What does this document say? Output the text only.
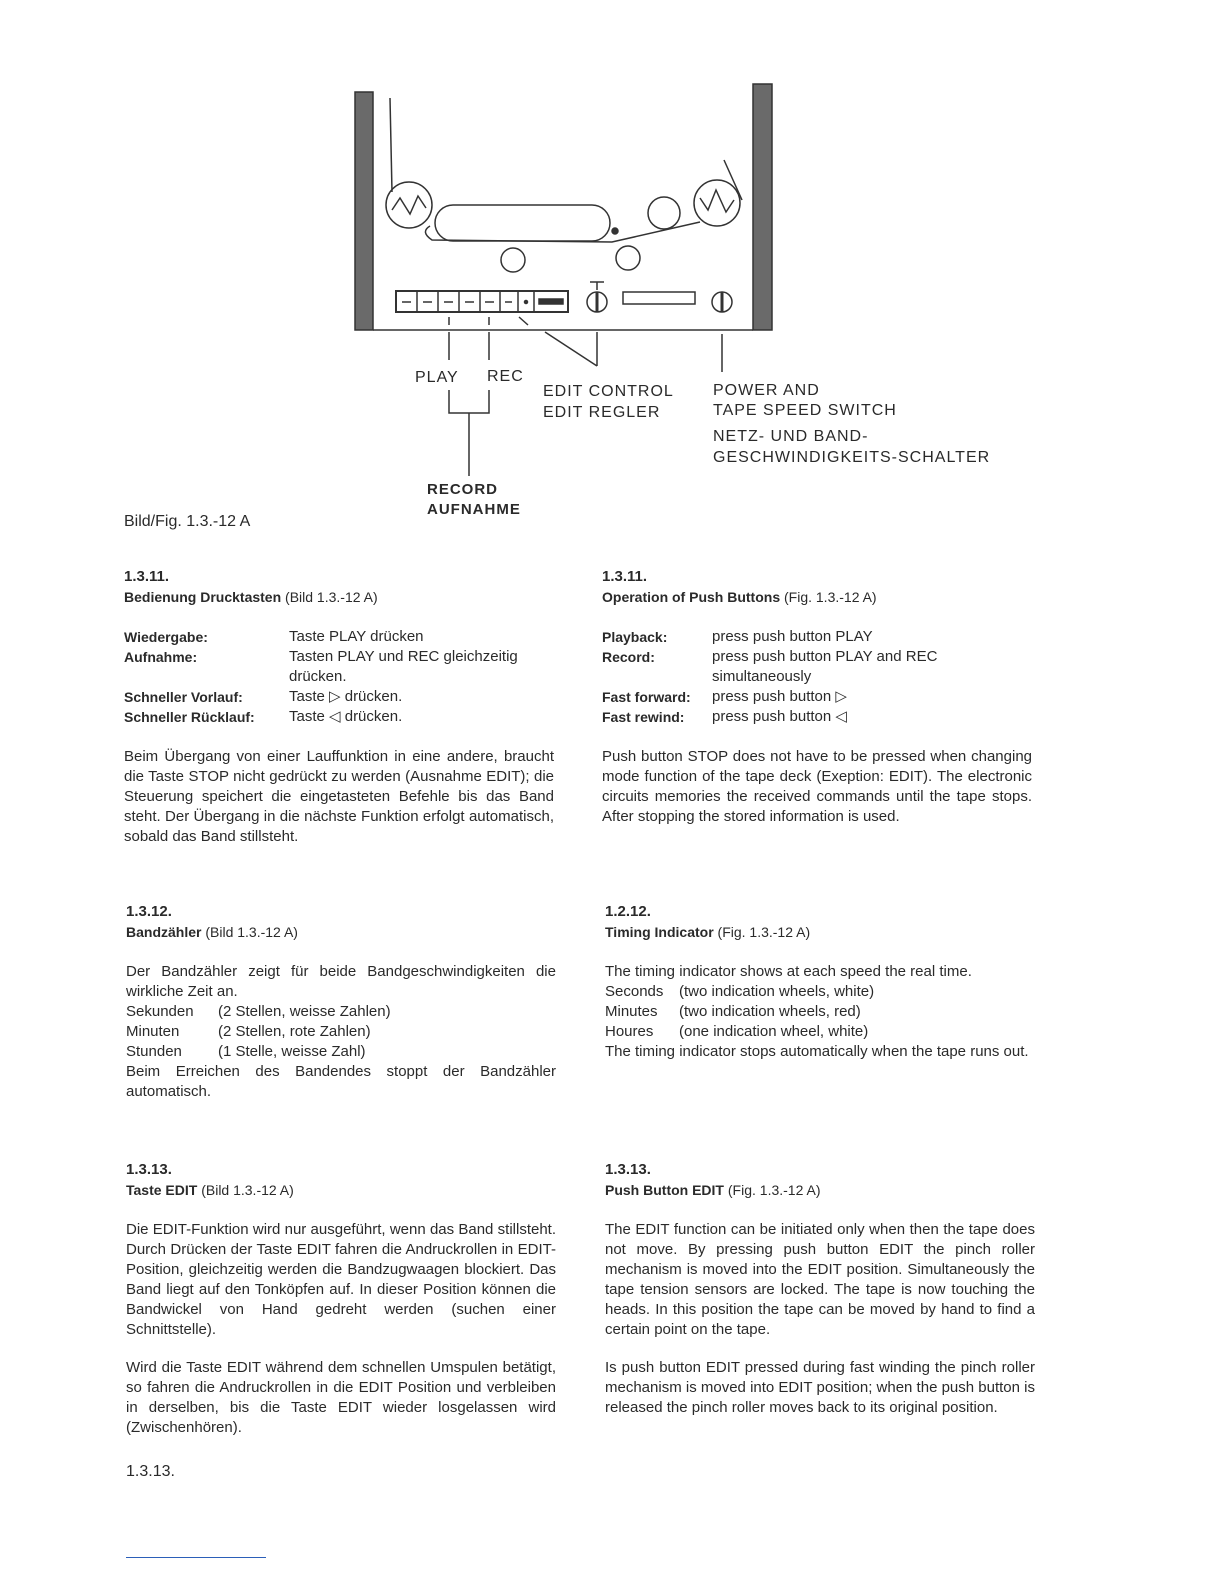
PLAY REC
EDIT CONTROL
EDIT REGLER
POWER AND
TAPE SPEED SWITCH
NETZ- UND BAND-
GESCHWINDIGKEITS-SCHALTER
RECORD
AUFNAHME
Bild/Fig. 1.3.-12 A

1.3.11.

Bedienung Drucktasten (Bild 1.3.-12 A)

Wiedergabe:	Taste PLAY drücken
Aufnahme:	Tasten PLAY und REC gleichzeitig drücken.
Schneller Vorlauf:	Taste ▷ drücken.
Schneller Rücklauf:	Taste ◁ drücken.

Beim Übergang von einer Lauffunktion in eine andere, braucht die Taste STOP nicht gedrückt zu werden (Ausnahme EDIT); die Steuerung speichert die eingetasteten Befehle bis das Band steht. Der Übergang in die nächste Funktion erfolgt automatisch, sobald das Band stillsteht.

1.3.12.

Bandzähler (Bild 1.3.-12 A)

Der Bandzähler zeigt für beide Bandgeschwindigkeiten die wirkliche Zeit an.

Sekunden	(2 Stellen, weisse Zahlen)
Minuten	(2 Stellen, rote Zahlen)
Stunden	(1 Stelle, weisse Zahl)

Beim Erreichen des Bandendes stoppt der Bandzähler automatisch.

1.3.13.

Taste EDIT (Bild 1.3.-12 A)

Die EDIT-Funktion wird nur ausgeführt, wenn das Band stillsteht. Durch Drücken der Taste EDIT fahren die Andruckrollen in EDIT-Position, gleichzeitig werden die Bandzugwaagen blockiert. Das Band liegt auf den Tonköpfen auf. In dieser Position können die Bandwickel von Hand gedreht werden (suchen einer Schnittstelle).

Wird die Taste EDIT während dem schnellen Umspulen betätigt, so fahren die Andruckrollen in die EDIT Position und verbleiben in derselben, bis die Taste EDIT wieder losgelassen wird (Zwischenhören).

1.3.11.

Operation of Push Buttons (Fig. 1.3.-12 A)

Playback:	press push button PLAY
Record:	press push button PLAY and REC simultaneously
Fast forward:	press push button ▷
Fast rewind:	press push button ◁

Push button STOP does not have to be pressed when changing mode function of the tape deck (Exeption: EDIT). The electronic circuits memories the received commands until the tape stops. After stopping the stored information is used.

1.2.12.

Timing Indicator (Fig. 1.3.-12 A)

The timing indicator shows at each speed the real time.

Seconds	(two indication wheels, white)
Minutes	(two indication wheels, red)
Houres	(one indication wheel, white)

The timing indicator stops automatically when the tape runs out.

1.3.13.

Push Button EDIT (Fig. 1.3.-12 A)

The EDIT function can be initiated only when then the tape does not move. By pressing push button EDIT the pinch roller mechanism is moved into the EDIT position. Simultaneously the tape tension sensors are locked. The tape is now touching the heads. In this position the tape can be moved by hand to find a certain point on the tape.

Is push button EDIT pressed during fast winding the pinch roller mechanism is moved into EDIT position; when the push button is released the pinch roller moves back to its original position.

1.3.13.
